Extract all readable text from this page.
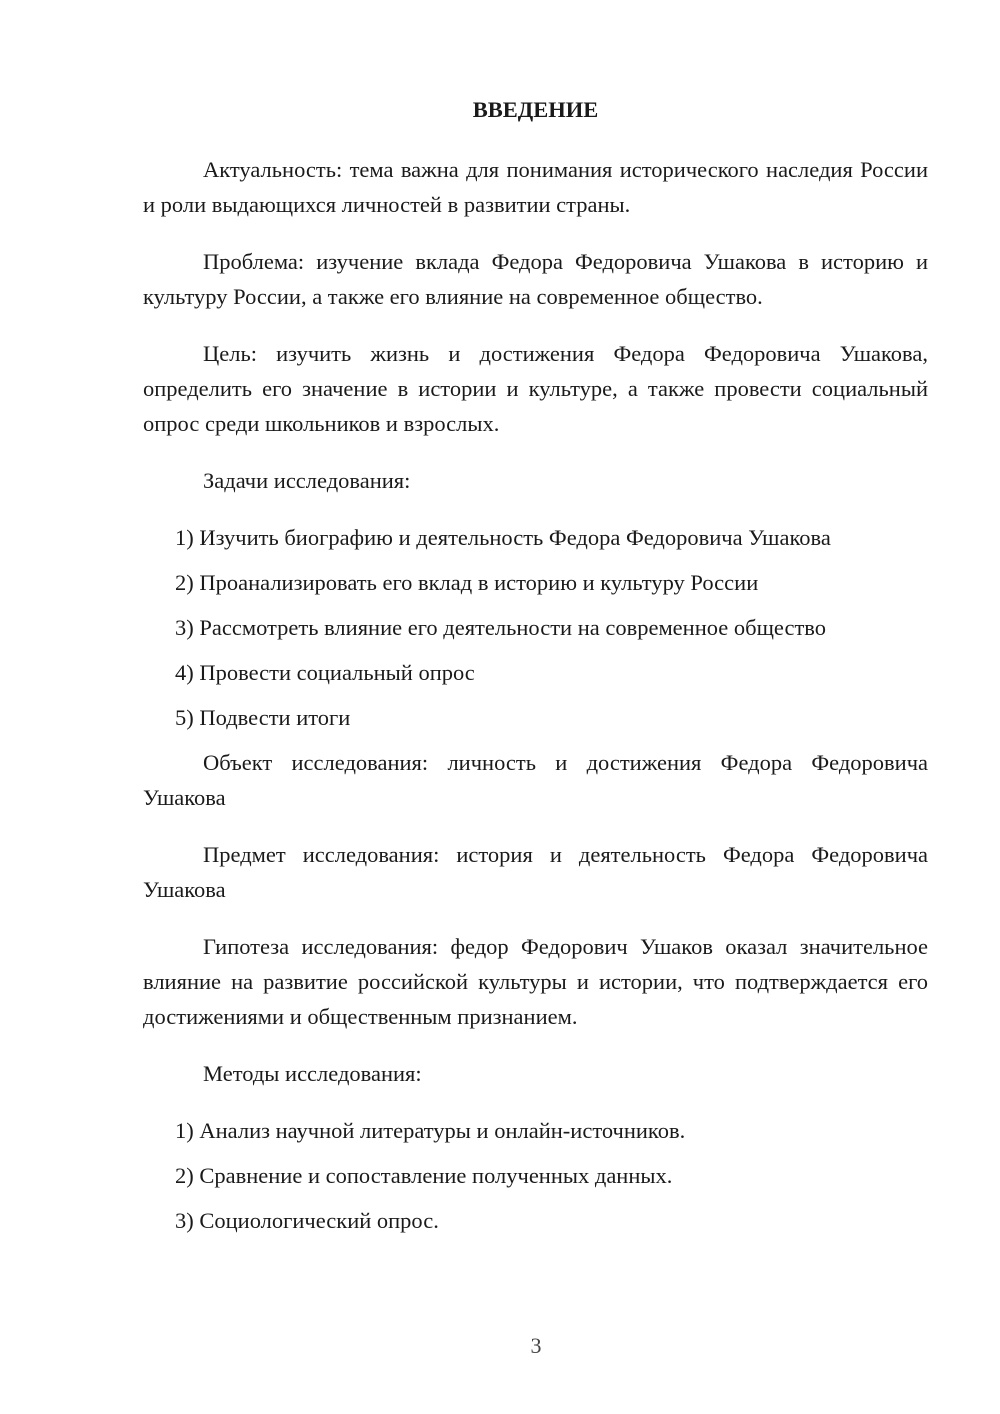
ВВЕДЕНИЕ

Актуальность: тема важна для понимания исторического наследия России и роли выдающихся личностей в развитии страны.

Проблема: изучение вклада Федора Федоровича Ушакова в историю и культуру России, а также его влияние на современное общество.

Цель: изучить жизнь и достижения Федора Федоровича Ушакова, определить его значение в истории и культуре, а также провести социальный опрос среди школьников и взрослых.

Задачи исследования:

1) Изучить биографию и деятельность Федора Федоровича Ушакова
2) Проанализировать его вклад в историю и культуру России
3) Рассмотреть влияние его деятельности на современное общество
4) Провести социальный опрос
5) Подвести итоги

Объект исследования: личность и достижения Федора Федоровича Ушакова

Предмет исследования: история и деятельность Федора Федоровича Ушакова

Гипотеза исследования: федор Федорович Ушаков оказал значительное влияние на развитие российской культуры и истории, что подтверждается его достижениями и общественным признанием.

Методы исследования:

1) Анализ научной литературы и онлайн-источников.
2) Сравнение и сопоставление полученных данных.
3) Социологический опрос.
3
